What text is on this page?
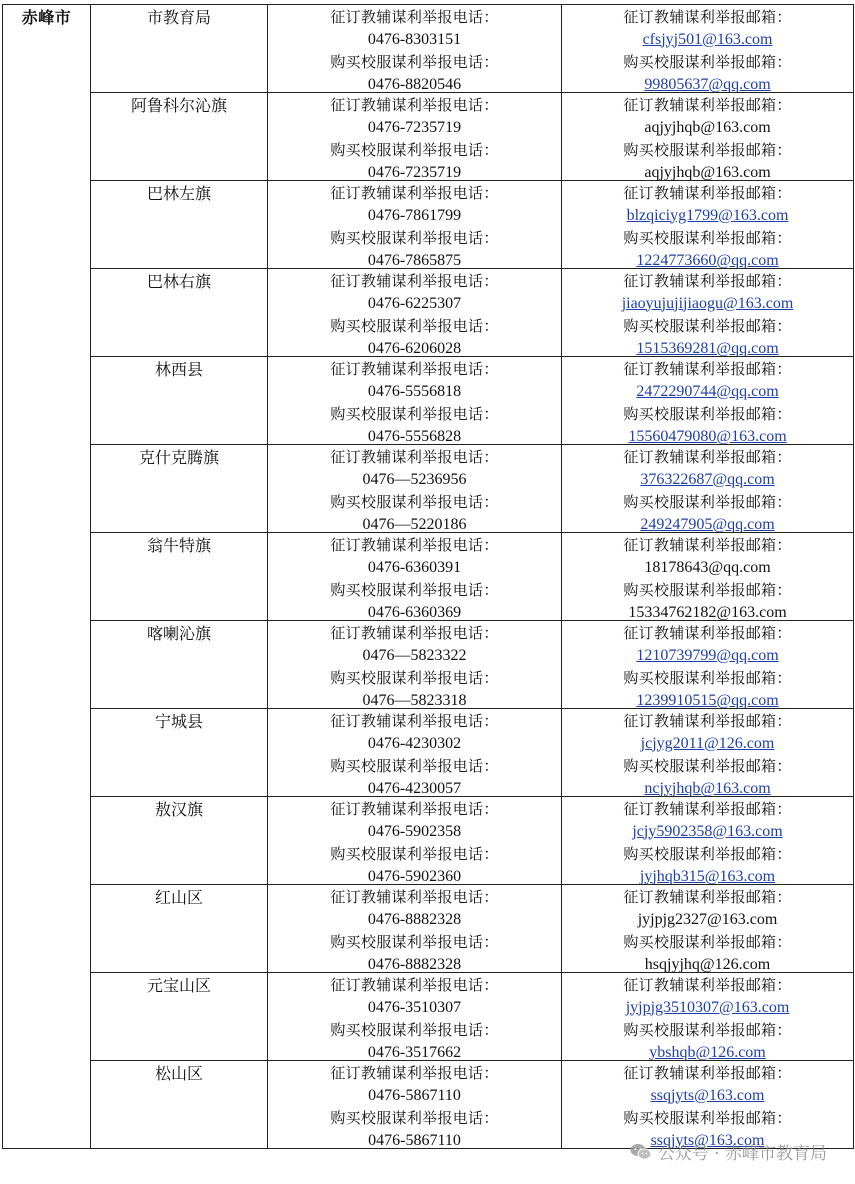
赤峰市	市教育局	征订教辅谋利举报电话：
0476-8303151
购买校服谋利举报电话：
0476-8820546	征订教辅谋利举报邮箱：
cfsjyj501@163.com
购买校服谋利举报邮箱：
99805637@qq.com

	阿鲁科尔沁旗	征订教辅谋利举报电话：
0476-7235719
购买校服谋利举报电话：
0476-7235719	征订教辅谋利举报邮箱：
aqjyjhqb@163.com
购买校服谋利举报邮箱：
aqjyjhqb@163.com

	巴林左旗	征订教辅谋利举报电话：
0476-7861799
购买校服谋利举报电话：
0476-7865875	征订教辅谋利举报邮箱：
blzqiciyg1799@163.com
购买校服谋利举报邮箱：
1224773660@qq.com

	巴林右旗	征订教辅谋利举报电话：
0476-6225307
购买校服谋利举报电话：
0476-6206028	征订教辅谋利举报邮箱：
jiaoyujujijiaogu@163.com
购买校服谋利举报邮箱：
1515369281@qq.com

	林西县	征订教辅谋利举报电话：
0476-5556818
购买校服谋利举报电话：
0476-5556828	征订教辅谋利举报邮箱：
2472290744@qq.com
购买校服谋利举报邮箱：
15560479080@163.com

	克什克腾旗	征订教辅谋利举报电话：
0476—5236956
购买校服谋利举报电话：
0476—5220186	征订教辅谋利举报邮箱：
376322687@qq.com
购买校服谋利举报邮箱：
249247905@qq.com

	翁牛特旗	征订教辅谋利举报电话：
0476-6360391
购买校服谋利举报电话：
0476-6360369	征订教辅谋利举报邮箱：
18178643@qq.com
购买校服谋利举报邮箱：
15334762182@163.com

	喀喇沁旗	征订教辅谋利举报电话：
0476—5823322
购买校服谋利举报电话：
0476—5823318	征订教辅谋利举报邮箱：
1210739799@qq.com
购买校服谋利举报邮箱：
1239910515@qq.com

	宁城县	征订教辅谋利举报电话：
0476-4230302
购买校服谋利举报电话：
0476-4230057	征订教辅谋利举报邮箱：
jcjyg2011@126.com
购买校服谋利举报邮箱：
ncjyjhqb@163.com

	敖汉旗	征订教辅谋利举报电话：
0476-5902358
购买校服谋利举报电话：
0476-5902360	征订教辅谋利举报邮箱：
jcjy5902358@163.com
购买校服谋利举报邮箱：
jyjhqb315@163.com

	红山区	征订教辅谋利举报电话：
0476-8882328
购买校服谋利举报电话：
0476-8882328	征订教辅谋利举报邮箱：
jyjpjg2327@163.com
购买校服谋利举报邮箱：
hsqjyjhq@126.com

	元宝山区	征订教辅谋利举报电话：
0476-3510307
购买校服谋利举报电话：
0476-3517662	征订教辅谋利举报邮箱：
jyjpjg3510307@163.com
购买校服谋利举报邮箱：
ybshqb@126.com

	松山区	征订教辅谋利举报电话：
0476-5867110
购买校服谋利举报电话：
0476-5867110	征订教辅谋利举报邮箱：
ssqjyts@163.com
购买校服谋利举报邮箱：
ssqjyts@163.com
公众号 · 赤峰市教育局
